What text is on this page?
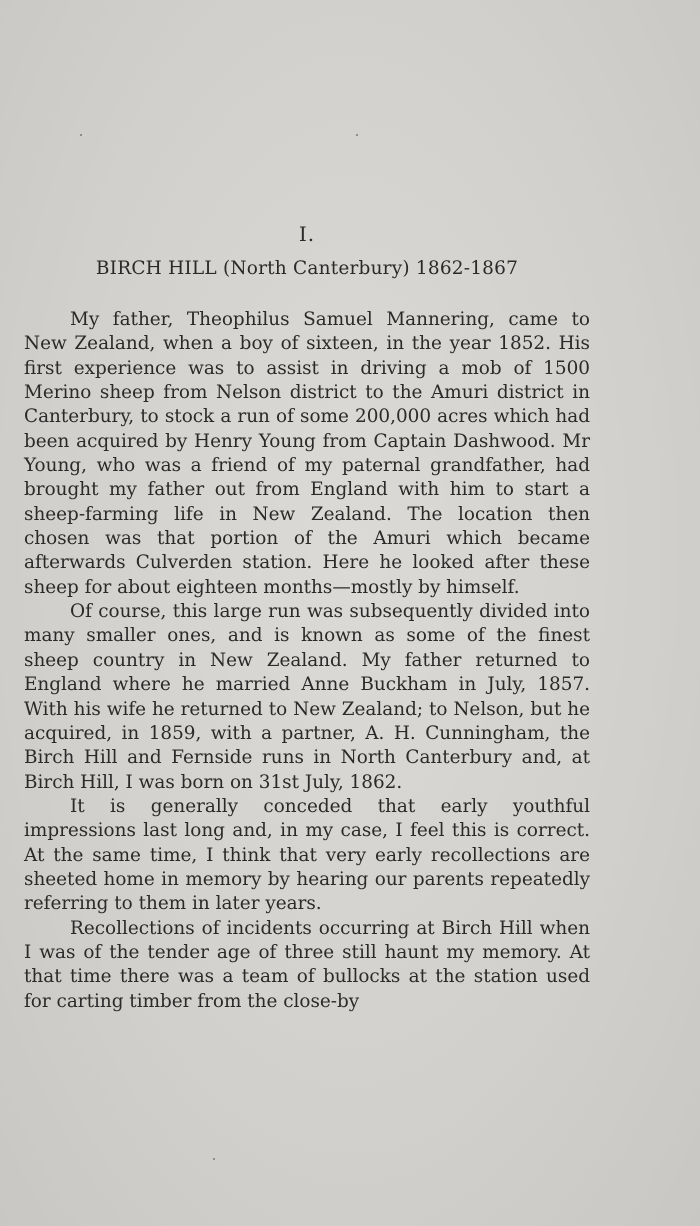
I.
BIRCH HILL (North Canterbury) 1862-1867

My father, Theophilus Samuel Mannering, came to New Zealand, when a boy of sixteen, in the year 1852. His first experience was to assist in driving a mob of 1500 Merino sheep from Nelson district to the Amuri district in Canterbury, to stock a run of some 200,000 acres which had been acquired by Henry Young from Captain Dashwood. Mr Young, who was a friend of my paternal grandfather, had brought my father out from England with him to start a sheep-farming life in New Zealand. The location then chosen was that portion of the Amuri which became afterwards Culverden station. Here he looked after these sheep for about eighteen months—mostly by himself.

Of course, this large run was subsequently divided into many smaller ones, and is known as some of the finest sheep country in New Zealand. My father returned to England where he married Anne Buckham in July, 1857. With his wife he returned to New Zealand; to Nelson, but he acquired, in 1859, with a partner, A. H. Cunningham, the Birch Hill and Fernside runs in North Canterbury and, at Birch Hill, I was born on 31st July, 1862.

It is generally conceded that early youthful impressions last long and, in my case, I feel this is correct. At the same time, I think that very early recollections are sheeted home in memory by hearing our parents repeatedly referring to them in later years.

Recollections of incidents occurring at Birch Hill when I was of the tender age of three still haunt my memory. At that time there was a team of bullocks at the station used for carting timber from the close-by
